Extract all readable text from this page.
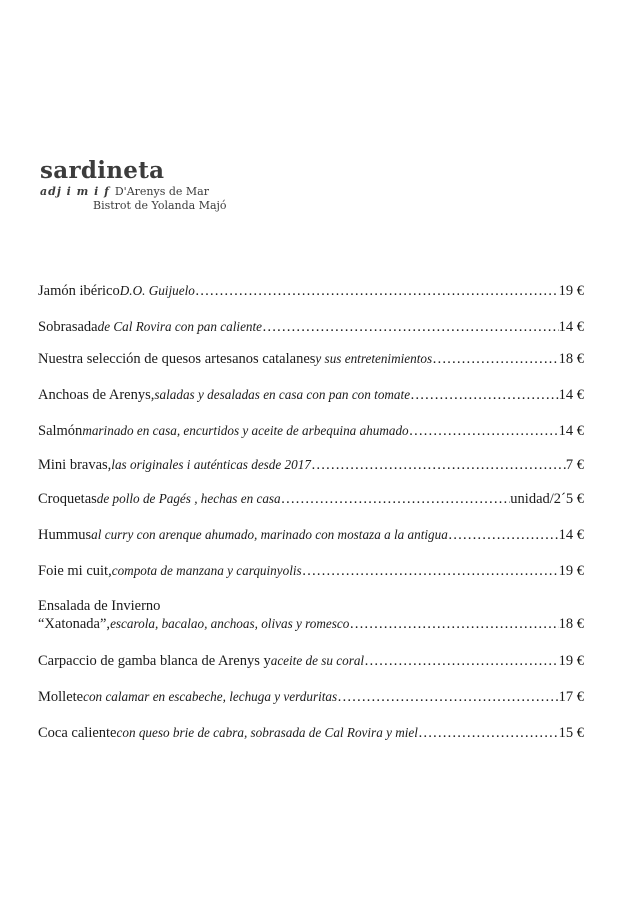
sardineta
adj i m i f D'Arenys de Mar
Bistrot de Yolanda Majó
Jamón ibérico D.O. Guijuelo …………………………………………………………………………………………………………………………………………………………………………………	19 €
Sobrasada de Cal Rovira con pan caliente …………………………………………………………………………………………………………………………………………………………………………………	14 €
Nuestra selección de quesos artesanos catalanes y sus entretenimientos …………………………………………………………………………………………………………………………………………………………………………………	18 €
Anchoas de Arenys, saladas y desaladas en casa con pan con tomate …………………………………………………………………………………………………………………………………………………………………………………	14 €
Salmón marinado en casa, encurtidos y aceite de arbequina ahumado …………………………………………………………………………………………………………………………………………………………………………………	14 €
Mini bravas, las originales i auténticas desde 2017 …………………………………………………………………………………………………………………………………………………………………………………	7 €
Croquetas de pollo de Pagés , hechas en casa …………………………………………………………………………………………………………………………………………………………………………………	unidad/2´5 €
Hummus al curry con arenque ahumado, marinado con mostaza a la antigua …………………………………………………………………………………………………………………………………………………………………………………	14 €
Foie mi cuit, compota de manzana y carquinyolis …………………………………………………………………………………………………………………………………………………………………………………	19 €
Ensalada de Invierno
“Xatonada”, escarola, bacalao, anchoas, olivas y romesco …………………………………………………………………………………………………………………………………………………………………………………	18 €
Carpaccio de gamba blanca de Arenys y aceite de su coral …………………………………………………………………………………………………………………………………………………………………………………	19 €
Mollete con calamar en escabeche, lechuga y verduritas …………………………………………………………………………………………………………………………………………………………………………………	17 €
Coca caliente con queso brie de cabra, sobrasada de Cal Rovira y miel …………………………………………………………………………………………………………………………………………………………………………………	15 €
